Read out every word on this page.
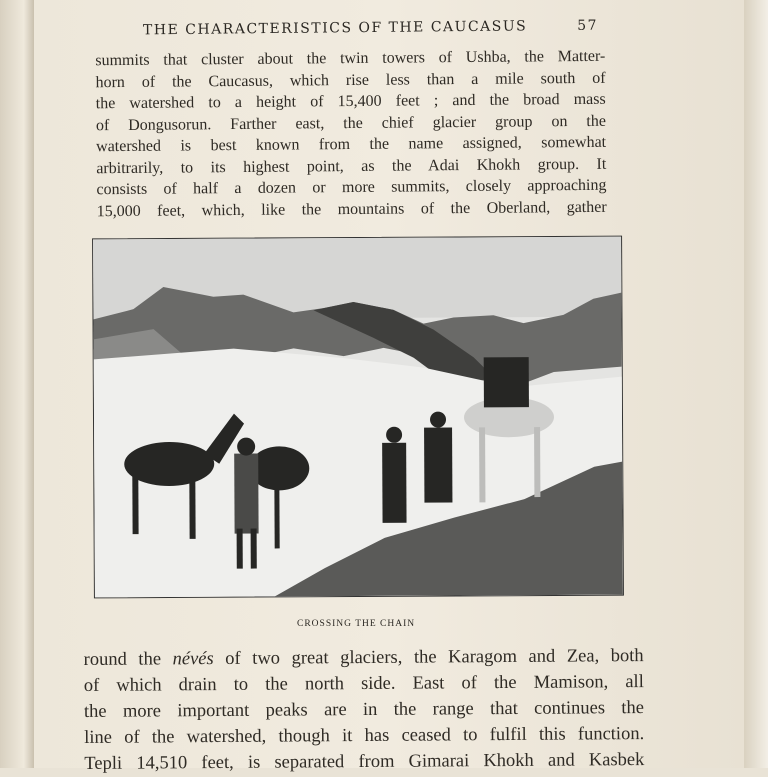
THE CHARACTERISTICS OF THE CAUCASUS	57
summits that cluster about the twin towers of Ushba, the Matter-
horn of the Caucasus, which rise less than a mile south of
the watershed to a height of 15,400 feet ; and the broad mass
of Dongusorun. Farther east, the chief glacier group on the
watershed is best known from the name assigned, somewhat
arbitrarily, to its highest point, as the Adai Khokh group. It
consists of half a dozen or more summits, closely approaching
15,000 feet, which, like the mountains of the Oberland, gather
CROSSING THE CHAIN
round the névés of two great glaciers, the Karagom and Zea, both
of which drain to the north side. East of the Mamison, all
the more important peaks are in the range that continues the
line of the watershed, though it has ceased to fulfil this function.
Tepli 14,510 feet, is separated from Gimarai Khokh and Kasbek
